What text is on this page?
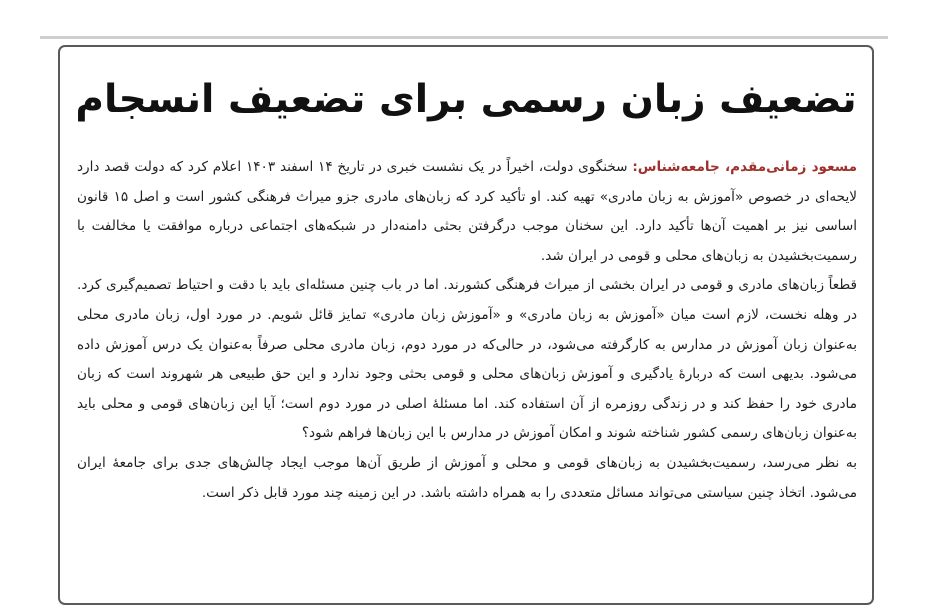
تضعیف زبان رسمی برای تضعیف انسجام

مسعود زمانی‌مقدم، جامعه‌شناس: سخنگوی دولت، اخیراً در یک نشست خبری در تاریخ ۱۴ اسفند ۱۴۰۳ اعلام کرد که دولت قصد دارد لایحه‌ای در خصوص «آموزش به زبان مادری» تهیه کند. او تأکید کرد که زبان‌های مادری جزو میراث فرهنگی کشور است و اصل ۱۵ قانون اساسی نیز بر اهمیت آن‌ها تأکید دارد. این سخنان موجب درگرفتن بحثی دامنه‌دار در شبکه‌های اجتماعی درباره موافقت یا مخالفت با رسمیت‌بخشیدن به زبان‌های محلی و قومی در ایران شد.

قطعاً زبان‌های مادری و قومی در ایران بخشی از میراث فرهنگی کشورند. اما در باب چنین مسئله‌ای باید با دقت و احتیاط تصمیم‌گیری کرد. در وهله نخست، لازم است میان «آموزش به زبان مادری» و «آموزش زبان مادری» تمایز قائل شویم. در مورد اول، زبان مادری محلی به‌عنوان زبان آموزش در مدارس به کارگرفته می‌شود، در حالی‌که در مورد دوم، زبان مادری محلی صرفاً به‌عنوان یک درس آموزش داده می‌شود. بدیهی است که دربارهٔ یادگیری و آموزش زبان‌های محلی و قومی بحثی وجود ندارد و این حق طبیعی هر شهروند است که زبان مادری خود را حفظ کند و در زندگی روزمره از آن استفاده کند. اما مسئلهٔ اصلی در مورد دوم است؛ آیا این زبان‌های قومی و محلی باید به‌عنوان زبان‌های رسمی کشور شناخته شوند و امکان آموزش در مدارس با این زبان‌ها فراهم شود؟

به نظر می‌رسد، رسمیت‌بخشیدن به زبان‌های قومی و محلی و آموزش از طریق آن‌ها موجب ایجاد چالش‌های جدی برای جامعهٔ ایران می‌شود. اتخاذ چنین سیاستی می‌تواند مسائل متعددی را به همراه داشته باشد. در این زمینه چند مورد قابل ذکر است.
